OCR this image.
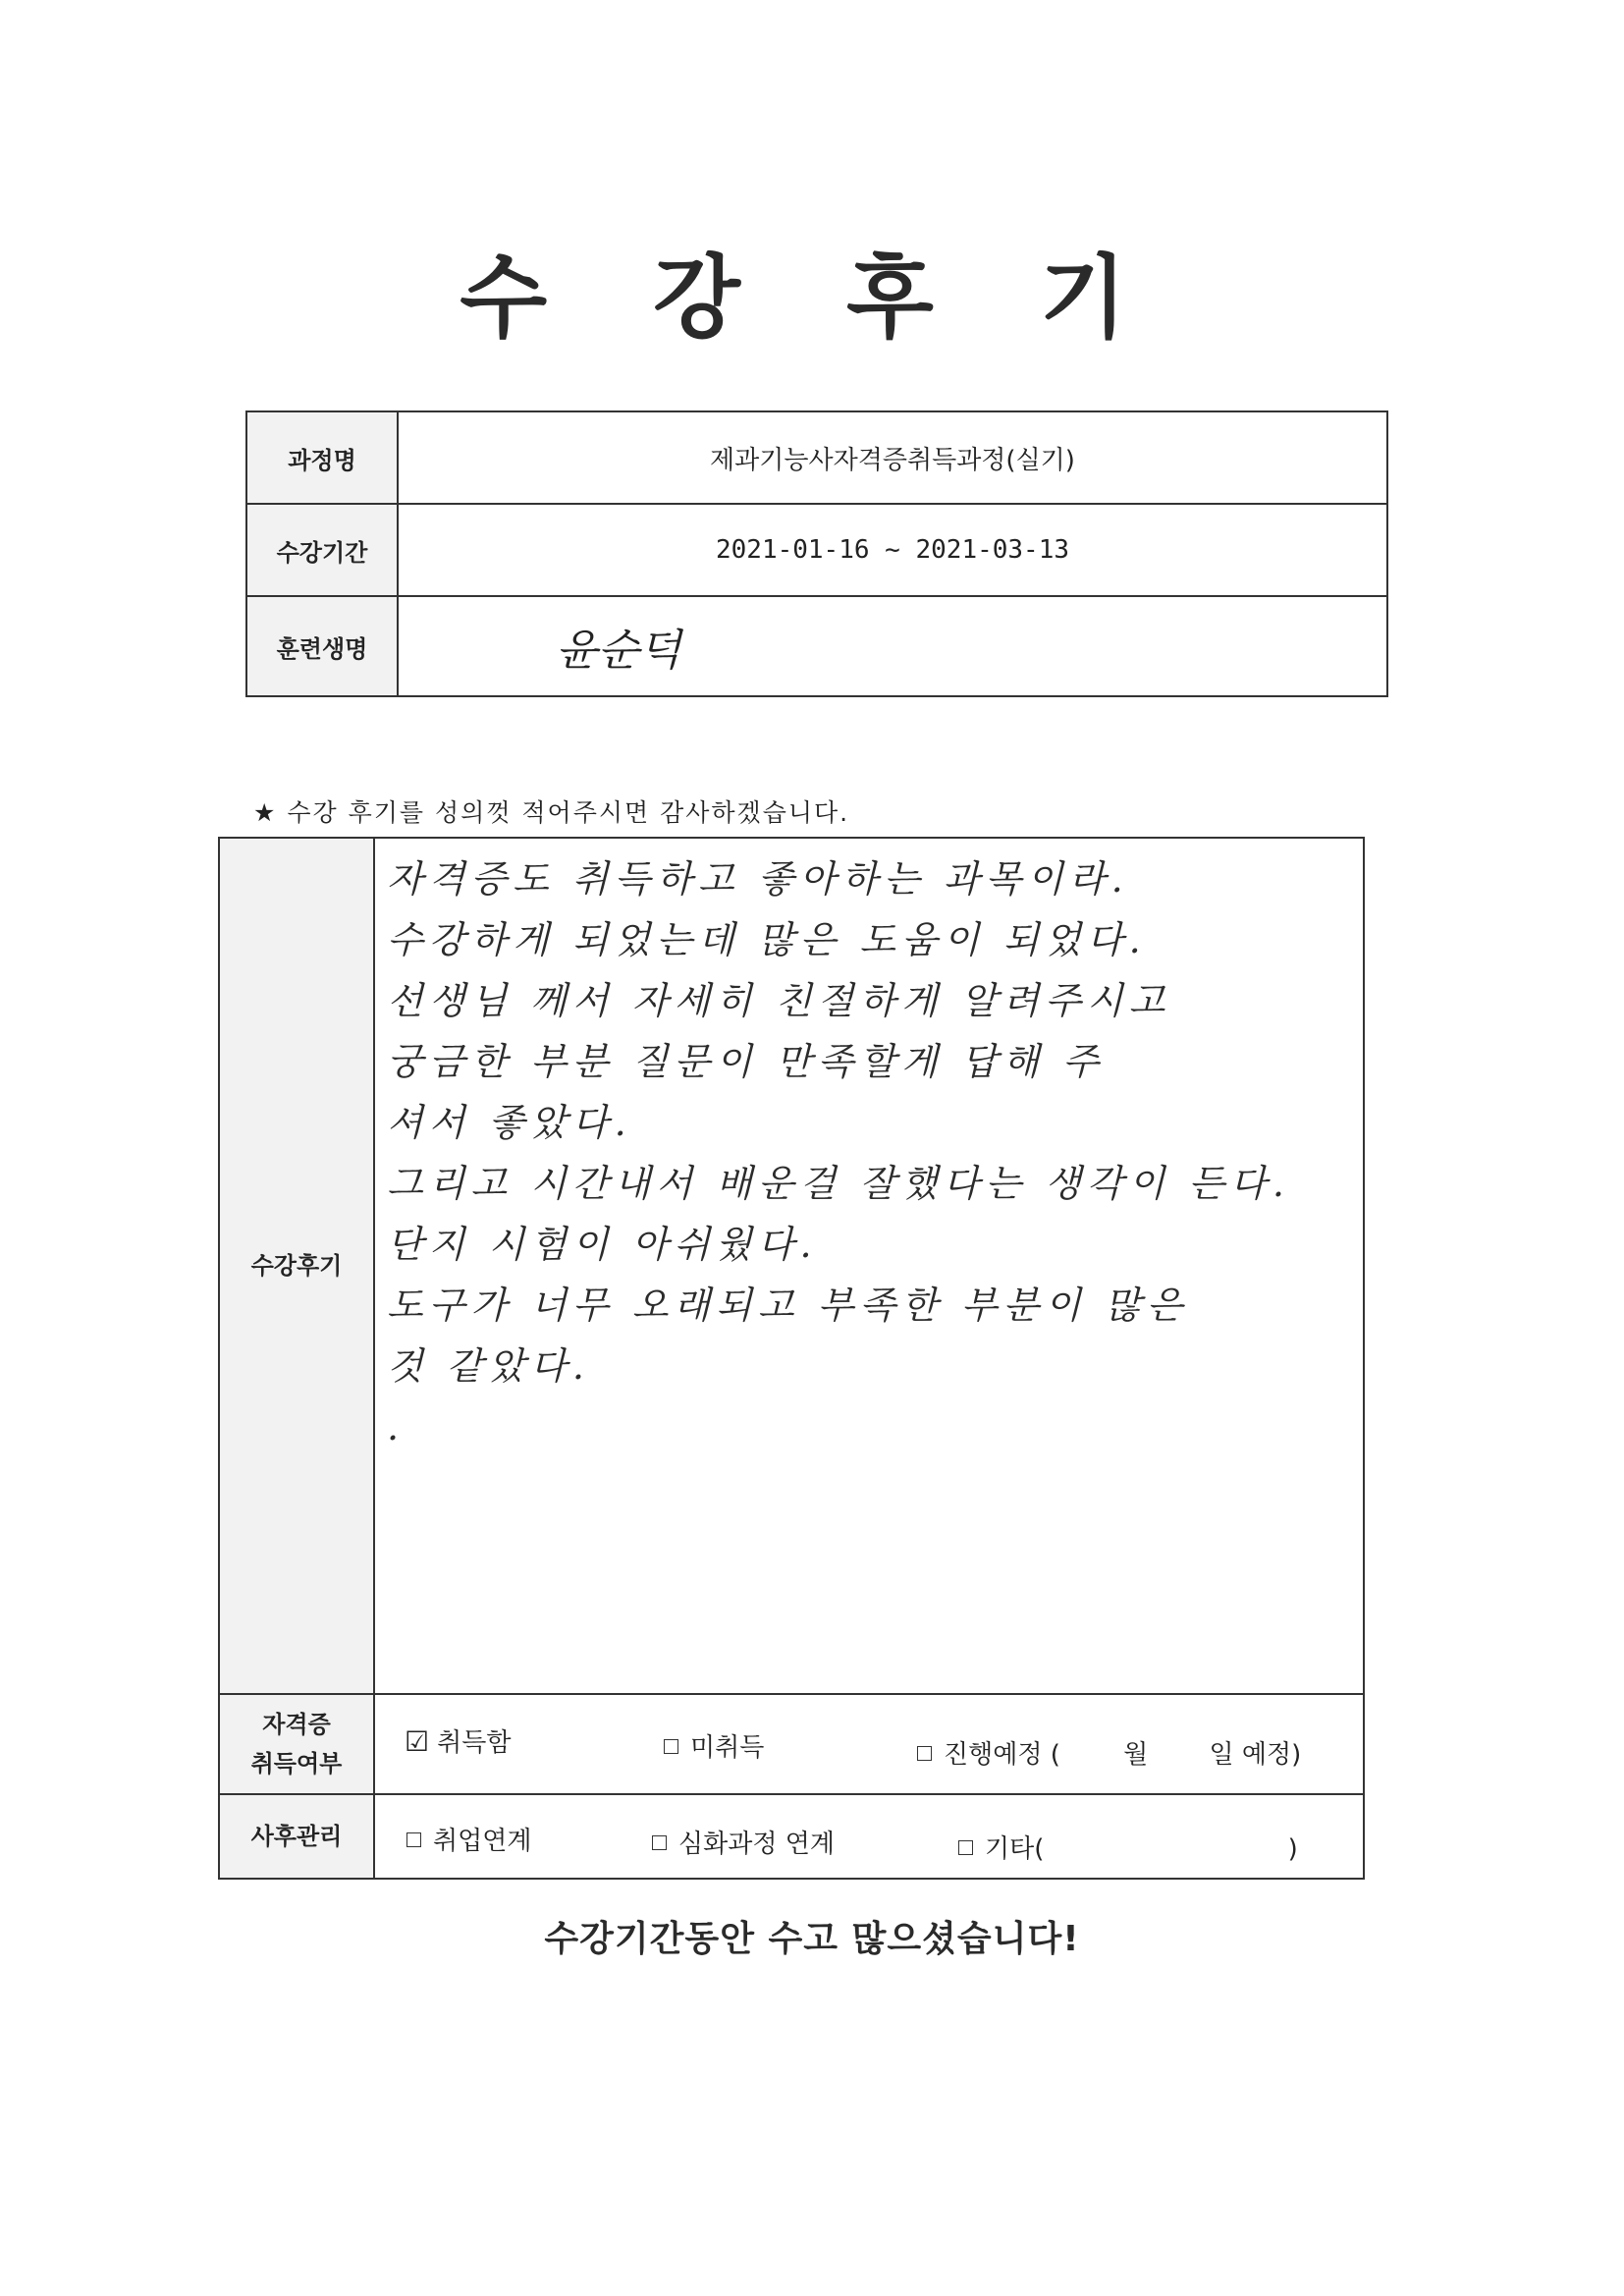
수 강 후 기
과정명	제과기능사자격증취득과정(실기)
수강기간	2021-01-16 ~ 2021-03-13
훈련생명	윤순덕
★ 수강 후기를 성의껏 적어주시면 감사하겠습니다.
수강후기
자격증도 취득하고 좋아하는 과목이라.
수강하게 되었는데 많은 도움이 되었다.
선생님 께서 자세히 친절하게 알려주시고
궁금한 부분 질문이 만족할게 답해 주
셔서 좋았다.
그리고 시간내서 배운걸 잘했다는 생각이 든다.
단지 시험이 아쉬웠다.
도구가 너무 오래되고 부족한 부분이 많은
것 같았다.
.
자격증
취득여부
☑ 취득함	미취득	진행예정 ( 월 일 예정)
사후관리	취업연계	심화과정 연계	기타(	)
수강기간동안 수고 많으셨습니다!
